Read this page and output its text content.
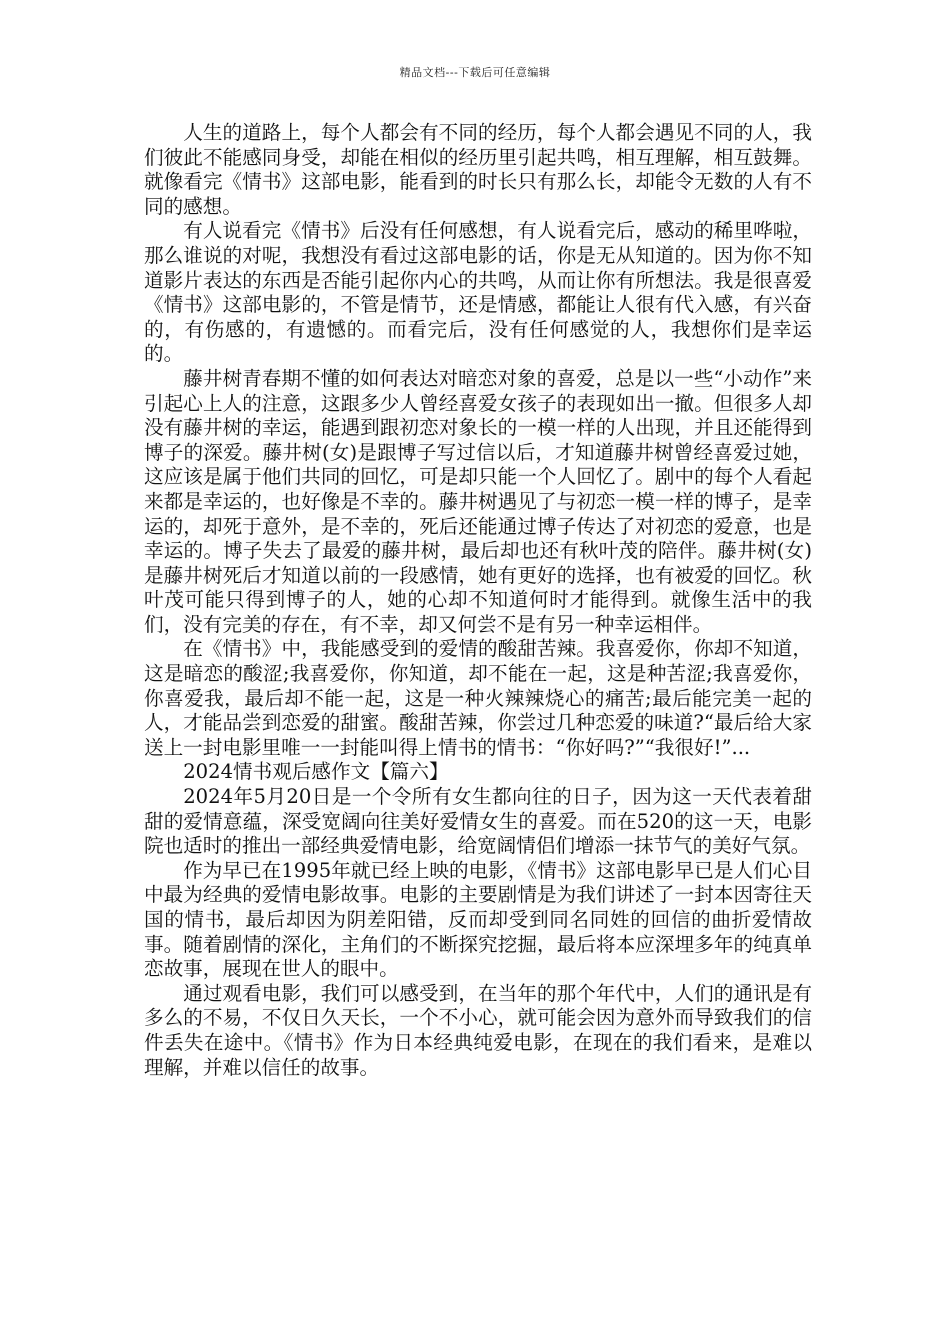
精品文档---下载后可任意编辑

人生的道路上，每个人都会有不同的经历，每个人都会遇见不同的人，我们彼此不能感同身受，却能在相似的经历里引起共鸣，相互理解，相互鼓舞。就像看完《情书》这部电影，能看到的时长只有那么长，却能令无数的人有不同的感想。

有人说看完《情书》后没有任何感想，有人说看完后，感动的稀里哗啦，那么谁说的对呢，我想没有看过这部电影的话，你是无从知道的。因为你不知道影片表达的东西是否能引起你内心的共鸣，从而让你有所想法。我是很喜爱《情书》这部电影的，不管是情节，还是情感，都能让人很有代入感，有兴奋的，有伤感的，有遗憾的。而看完后，没有任何感觉的人，我想你们是幸运的。

藤井树青春期不懂的如何表达对暗恋对象的喜爱，总是以一些“小动作”来引起心上人的注意，这跟多少人曾经喜爱女孩子的表现如出一撤。但很多人却没有藤井树的幸运，能遇到跟初恋对象长的一模一样的人出现，并且还能得到博子的深爱。藤井树(女)是跟博子写过信以后，才知道藤井树曾经喜爱过她，这应该是属于他们共同的回忆，可是却只能一个人回忆了。剧中的每个人看起来都是幸运的，也好像是不幸的。藤井树遇见了与初恋一模一样的博子，是幸运的，却死于意外，是不幸的，死后还能通过博子传达了对初恋的爱意，也是幸运的。博子失去了最爱的藤井树，最后却也还有秋叶茂的陪伴。藤井树(女)是藤井树死后才知道以前的一段感情，她有更好的选择，也有被爱的回忆。秋叶茂可能只得到博子的人，她的心却不知道何时才能得到。就像生活中的我们，没有完美的存在，有不幸，却又何尝不是有另一种幸运相伴。

在《情书》中，我能感受到的爱情的酸甜苦辣。我喜爱你，你却不知道，这是暗恋的酸涩;我喜爱你，你知道，却不能在一起，这是种苦涩;我喜爱你，你喜爱我，最后却不能一起，这是一种火辣辣烧心的痛苦;最后能完美一起的人，才能品尝到恋爱的甜蜜。酸甜苦辣，你尝过几种恋爱的味道?“最后给大家送上一封电影里唯一一封能叫得上情书的情书：“你好吗?”“我很好!”...

2024情书观后感作文【篇六】

2024年5月20日是一个令所有女生都向往的日子，因为这一天代表着甜甜的爱情意蕴，深受宽阔向往美好爱情女生的喜爱。而在520的这一天，电影院也适时的推出一部经典爱情电影，给宽阔情侣们增添一抹节气的美好气氛。

作为早已在1995年就已经上映的电影，《情书》这部电影早已是人们心目中最为经典的爱情电影故事。电影的主要剧情是为我们讲述了一封本因寄往天国的情书，最后却因为阴差阳错，反而却受到同名同姓的回信的曲折爱情故事。随着剧情的深化，主角们的不断探究挖掘，最后将本应深埋多年的纯真单恋故事，展现在世人的眼中。

通过观看电影，我们可以感受到，在当年的那个年代中，人们的通讯是有多么的不易，不仅日久天长，一个不小心，就可能会因为意外而导致我们的信件丢失在途中。《情书》作为日本经典纯爱电影，在现在的我们看来，是难以理解，并难以信任的故事。
